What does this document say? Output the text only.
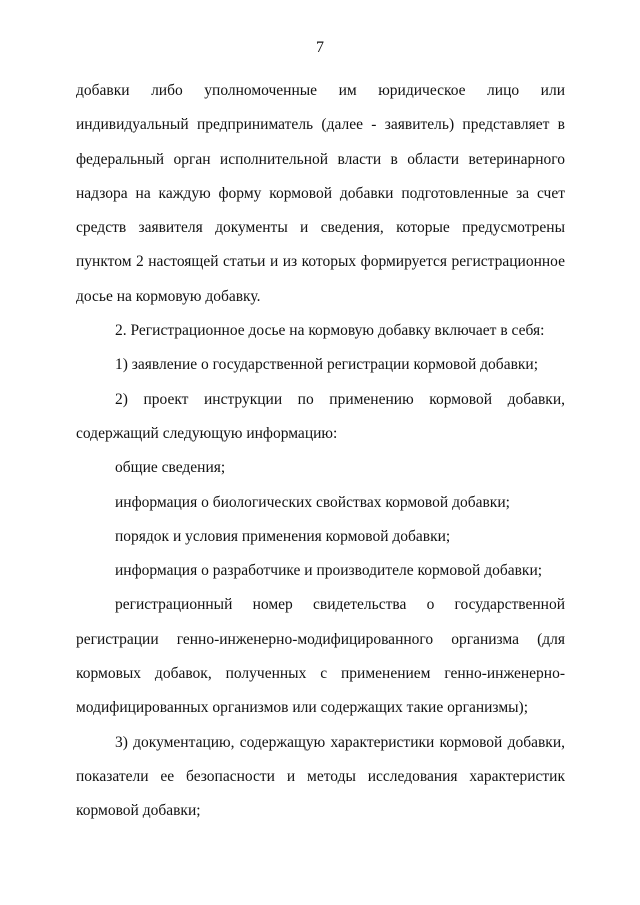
7

добавки либо уполномоченные им юридическое лицо или индивидуальный предприниматель (далее - заявитель) представляет в федеральный орган исполнительной власти в области ветеринарного надзора на каждую форму кормовой добавки подготовленные за счет средств заявителя документы и сведения, которые предусмотрены пунктом 2 настоящей статьи и из которых формируется регистрационное досье на кормовую добавку.

2. Регистрационное досье на кормовую добавку включает в себя:

1) заявление о государственной регистрации кормовой добавки;

2) проект инструкции по применению кормовой добавки, содержащий следующую информацию:

общие сведения;

информация о биологических свойствах кормовой добавки;

порядок и условия применения кормовой добавки;

информация о разработчике и производителе кормовой добавки;

регистрационный номер свидетельства о государственной регистрации генно-инженерно-модифицированного организма (для кормовых добавок, полученных с применением генно-инженерно-модифицированных организмов или содержащих такие организмы);

3) документацию, содержащую характеристики кормовой добавки, показатели ее безопасности и методы исследования характеристик кормовой добавки;
